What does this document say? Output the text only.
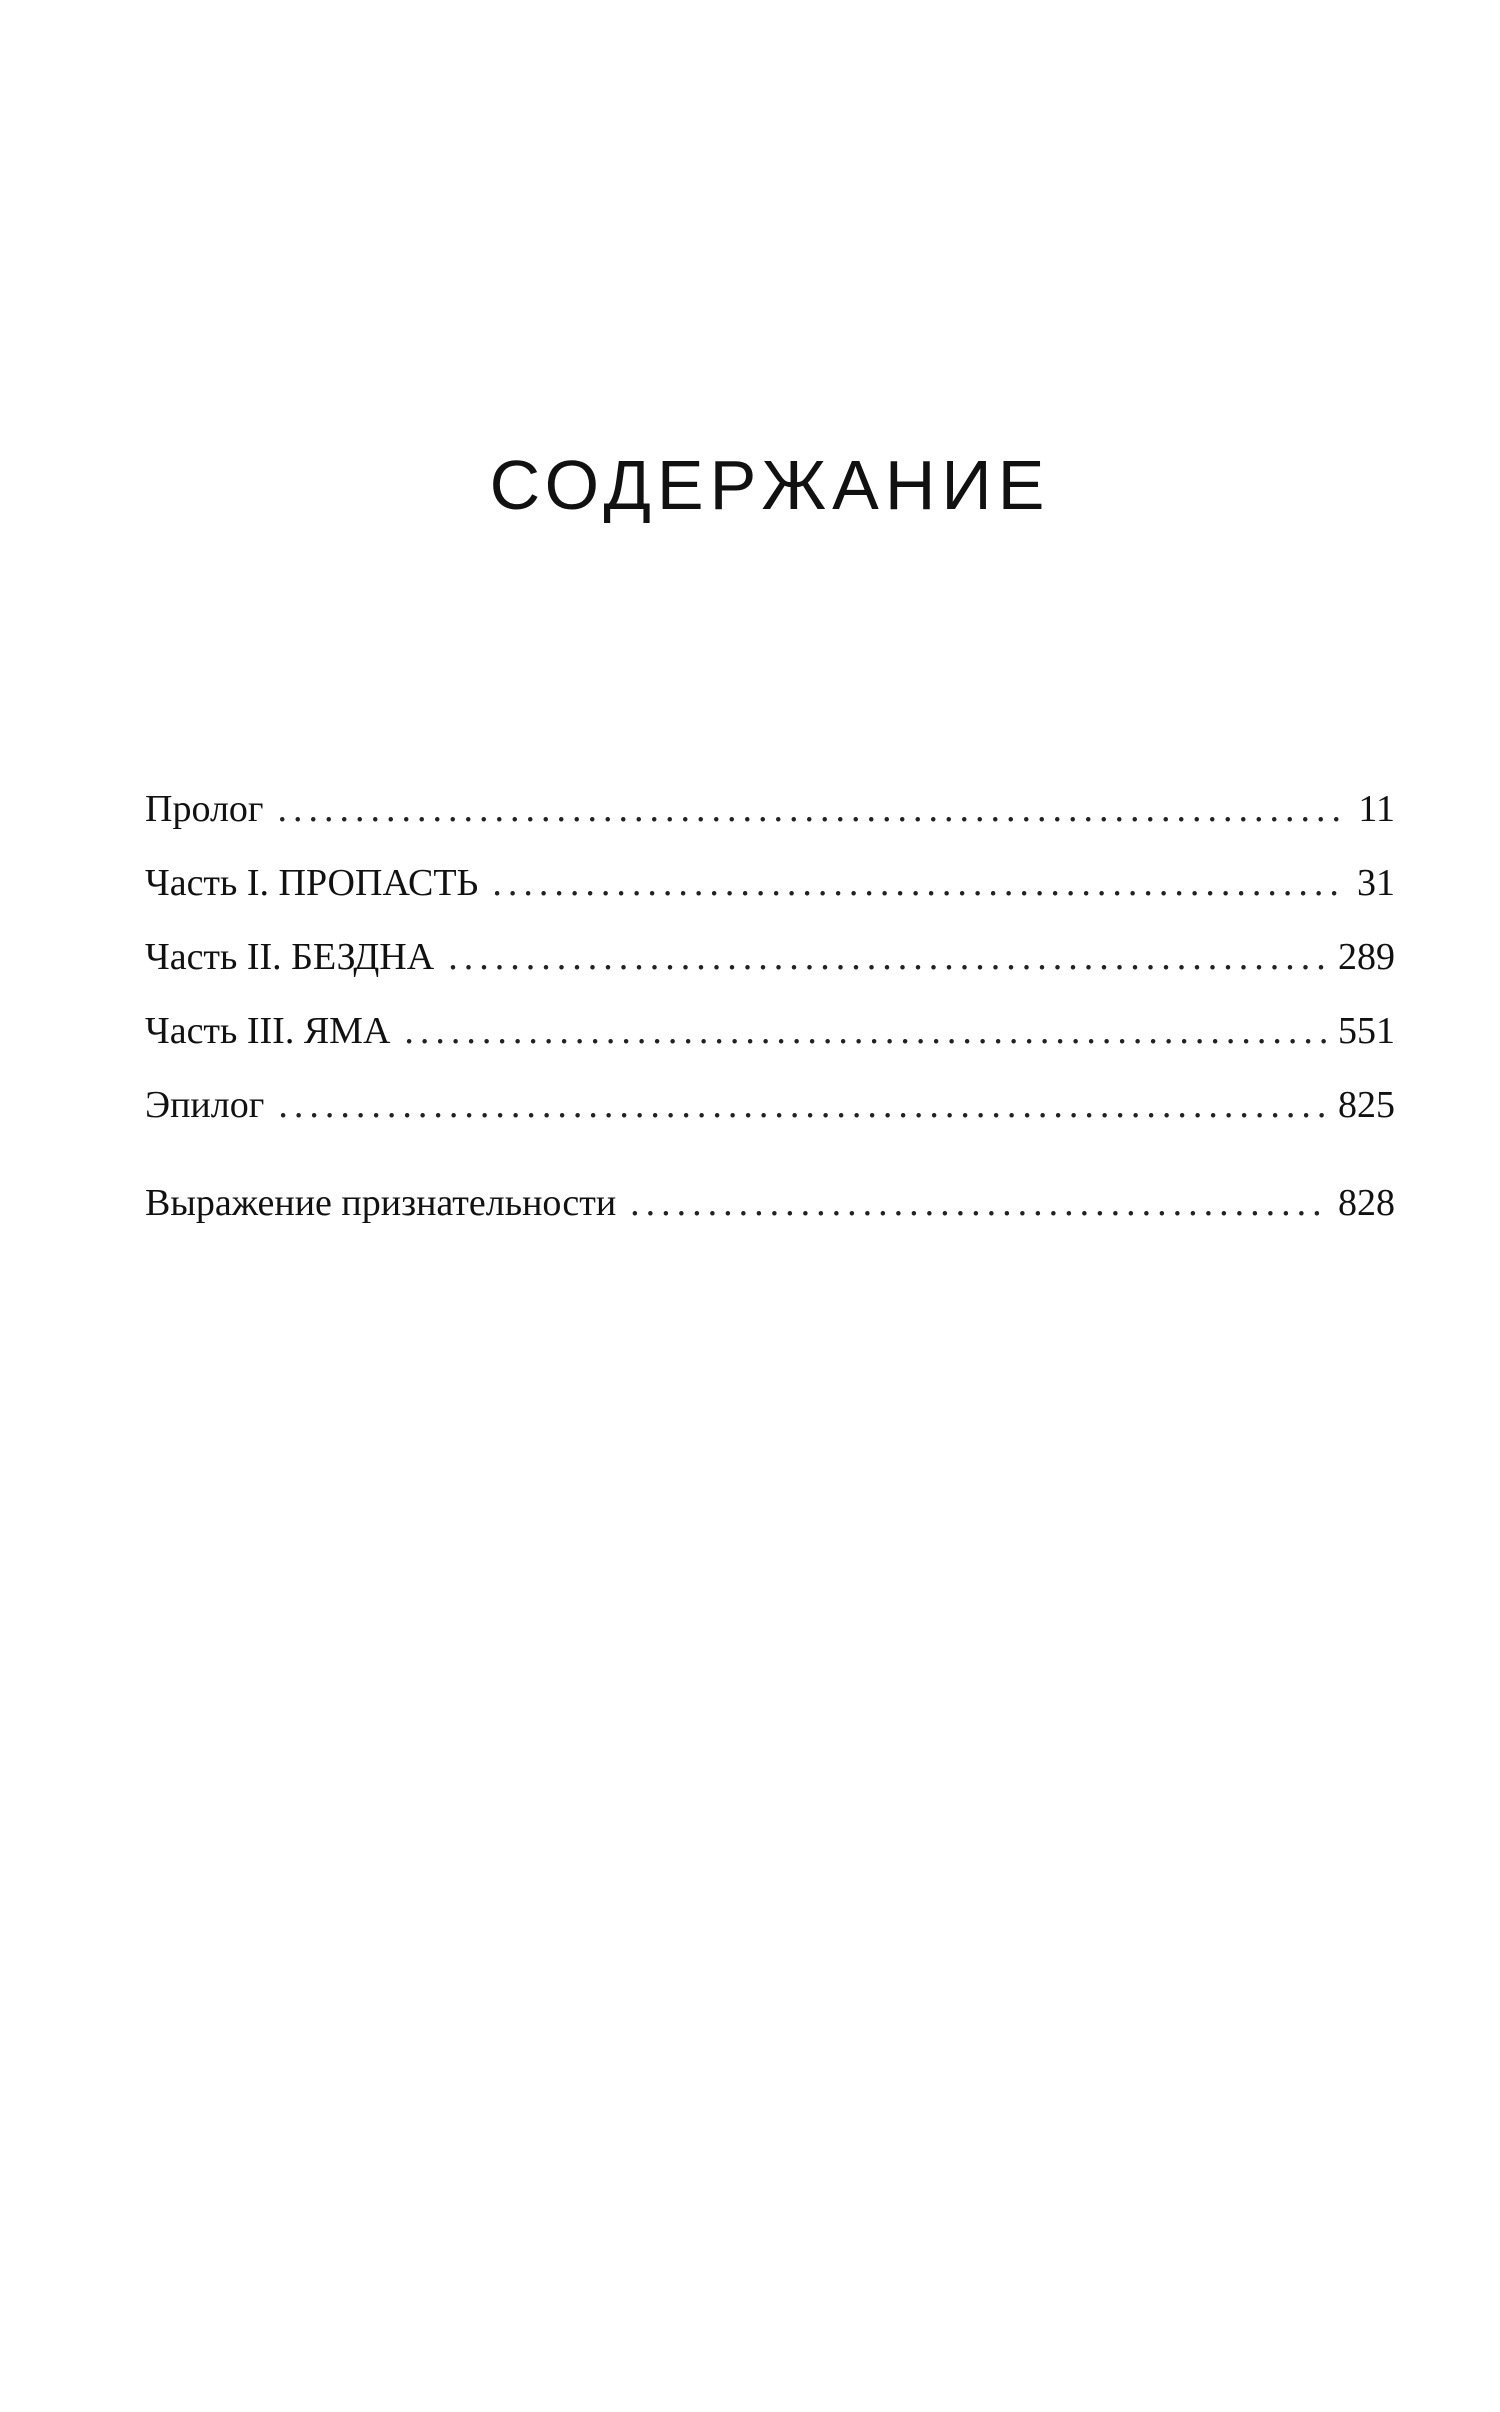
СОДЕРЖАНИЕ
Пролог .....	11
Часть I. ПРОПАСТЬ .....	31
Часть II. БЕЗДНА .....	289
Часть III. ЯМА .....	551
Эпилог .....	825
Выражение признательности .....	828
